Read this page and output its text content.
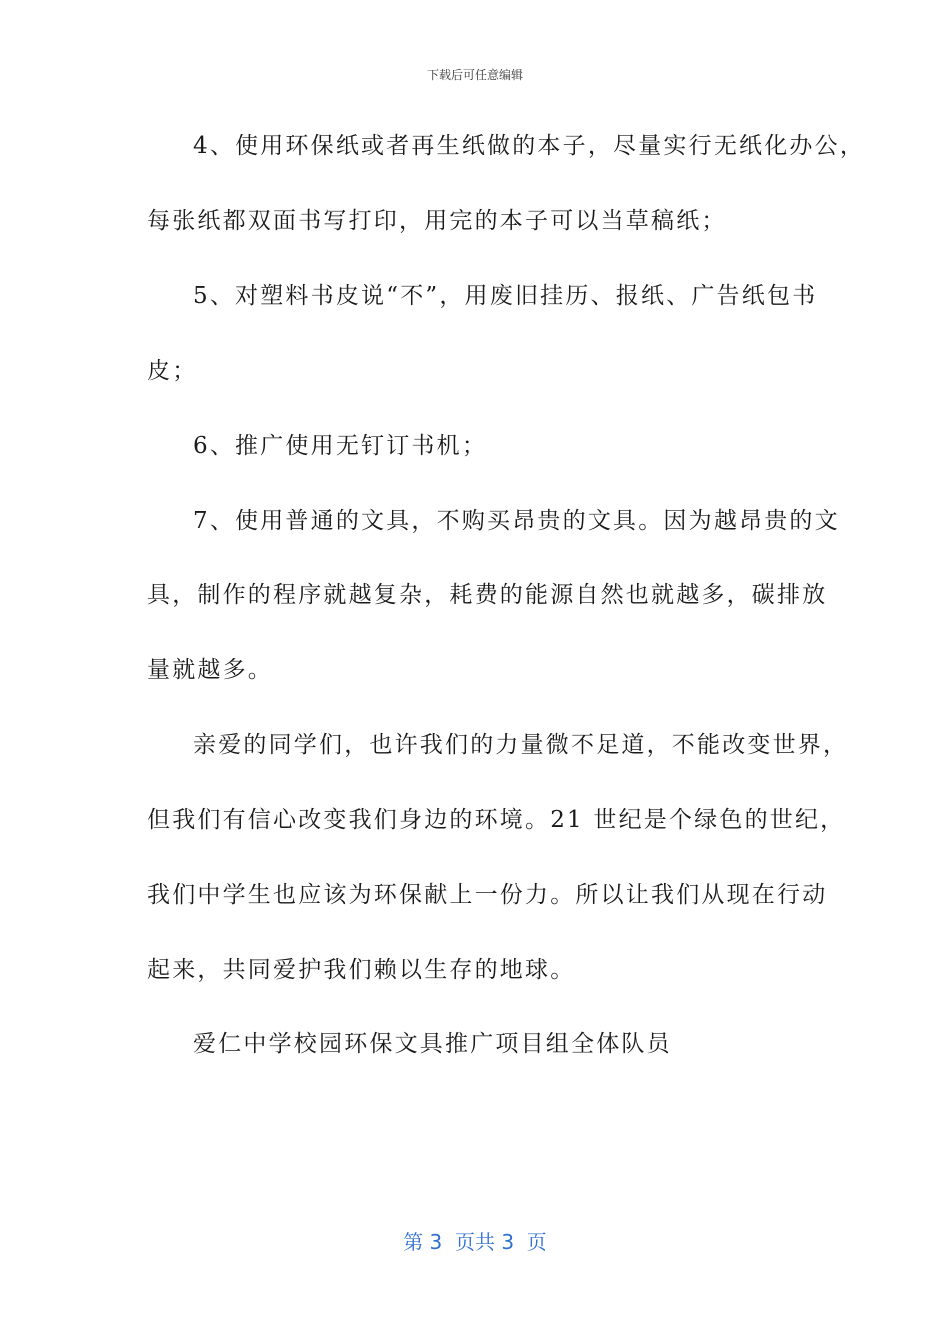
下载后可任意编辑
4、使用环保纸或者再生纸做的本子，尽量实行无纸化办公，
每张纸都双面书写打印，用完的本子可以当草稿纸；
5、对塑料书皮说“不”，用废旧挂历、报纸、广告纸包书
皮；
6、推广使用无钉订书机；
7、使用普通的文具，不购买昂贵的文具。因为越昂贵的文
具，制作的程序就越复杂，耗费的能源自然也就越多，碳排放
量就越多。
亲爱的同学们，也许我们的力量微不足道，不能改变世界，
但我们有信心改变我们身边的环境。21 世纪是个绿色的世纪，
我们中学生也应该为环保献上一份力。所以让我们从现在行动
起来，共同爱护我们赖以生存的地球。
爱仁中学校园环保文具推广项目组全体队员
第 3  页共 3  页
